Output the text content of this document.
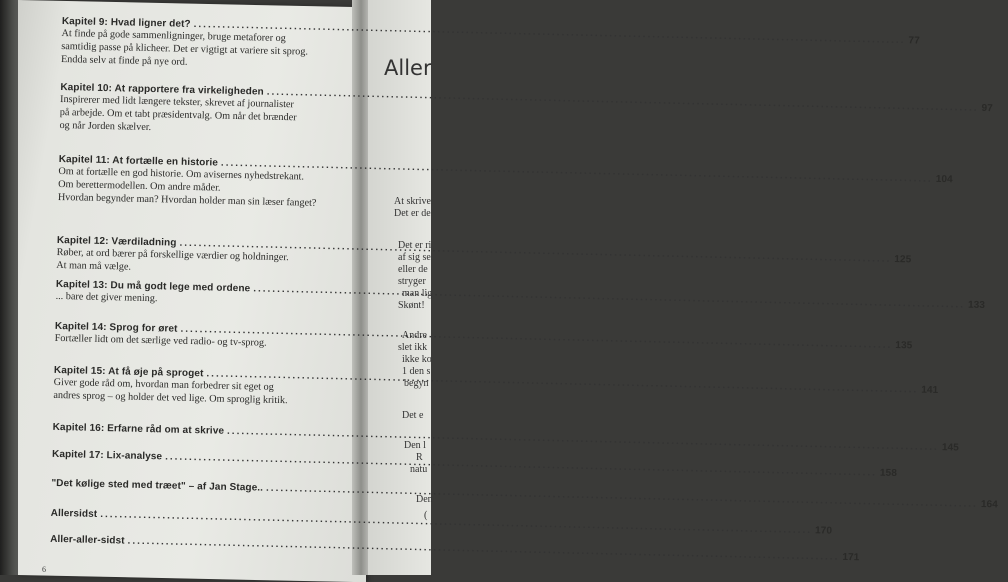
Aller
At skrive
Det er de
Det er ri
af sig se
eller de
stryger
man lig
Skønt!
Andre
slet ikk
ikke ko
1 den s
begyn
Det e
Den l
R
natu
Den
(
Kapitel 9: Hvad ligner det?
.....
77
At finde på gode sammenligninger, bruge metaforer og
samtidig passe på klicheer. Det er vigtigt at variere sit sprog.
Endda selv at finde på nye ord.
Kapitel 10: At rapportere fra virkeligheden
.....
97
Inspirerer med lidt længere tekster, skrevet af journalister
på arbejde. Om et tabt præsidentvalg. Om når det brænder
og når Jorden skælver.
Kapitel 11: At fortælle en historie
.....
104
Om at fortælle en god historie. Om avisernes nyhedstrekant.
Om berettermodellen. Om andre måder.
Hvordan begynder man? Hvordan holder man sin læser fanget?
Kapitel 12: Værdiladning
.....
125
Røber, at ord bærer på forskellige værdier og holdninger.
At man må vælge.
Kapitel 13: Du må godt lege med ordene
.....
133
... bare det giver mening.
Kapitel 14: Sprog for øret
.....
135
Fortæller lidt om det særlige ved radio- og tv-sprog.
Kapitel 15: At få øje på sproget
.....
141
Giver gode råd om, hvordan man forbedrer sit eget og
andres sprog – og holder det ved lige. Om sproglig kritik.
Kapitel 16: Erfarne råd om at skrive
.....
145
Kapitel 17: Lix-analyse
.....
158
"Det kølige sted med træet" – af Jan Stage..
.....
164
Allersidst
.....
170
Aller-aller-sidst
.....
171
6
